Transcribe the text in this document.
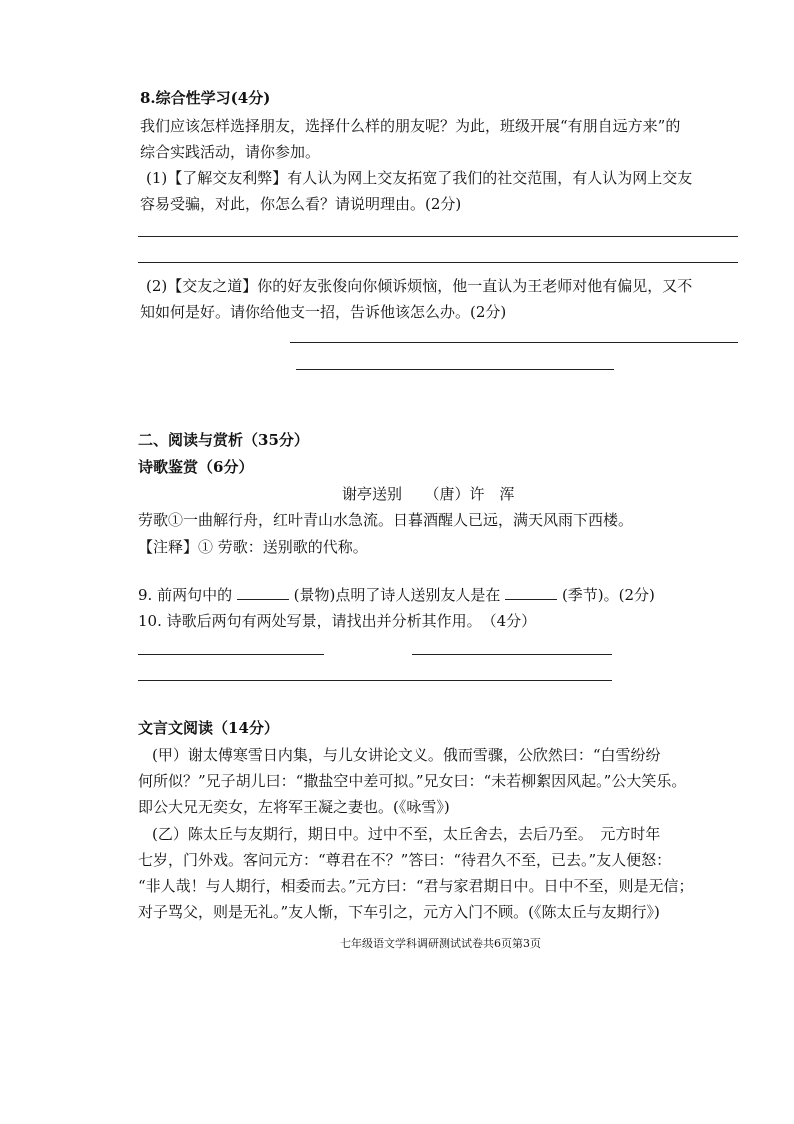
8.综合性学习(4分)
我们应该怎样选择朋友，选择什么样的朋友呢？为此，班级开展“有朋自远方来”的
综合实践活动，请你参加。
(1)【了解交友利弊】有人认为网上交友拓宽了我们的社交范围，有人认为网上交友
容易受骗，对此，你怎么看？请说明理由。(2分)
(2)【交友之道】你的好友张俊向你倾诉烦恼，他一直认为王老师对他有偏见，又不
知如何是好。请你给他支一招，告诉他该怎么办。(2分)
二、阅读与赏析（35分）
诗歌鉴赏（6分）
谢亭送别　　（唐）许　浑
劳歌①一曲解行舟，红叶青山水急流。日暮酒醒人已远，满天风雨下西楼。
【注释】① 劳歌：送别歌的代称。
9. 前两句中的	(景物)点明了诗人送别友人是在	(季节)。(2分)
10. 诗歌后两句有两处写景，请找出并分析其作用。　（4分）
文言文阅读（14分）
(甲）谢太傅寒雪日内集，与儿女讲论文义。俄而雪骤，公欣然曰：“白雪纷纷
何所似？”兄子胡儿曰：“撒盐空中差可拟。”兄女曰：“未若柳絮因风起。”公大笑乐。
即公大兄无奕女，左将军王凝之妻也。(《咏雪》)
(乙）陈太丘与友期行，期日中。过中不至，太丘舍去，去后乃至。　元方时年
七岁，门外戏。客问元方：“尊君在不？”答曰：“待君久不至，已去。”友人便怒：
“非人哉！与人期行，相委而去。”元方曰：“君与家君期日中。日中不至，则是无信；
对子骂父，则是无礼。”友人惭，下车引之，元方入门不顾。(《陈太丘与友期行》)
七年级语文学科调研测试试卷共6页第3页
